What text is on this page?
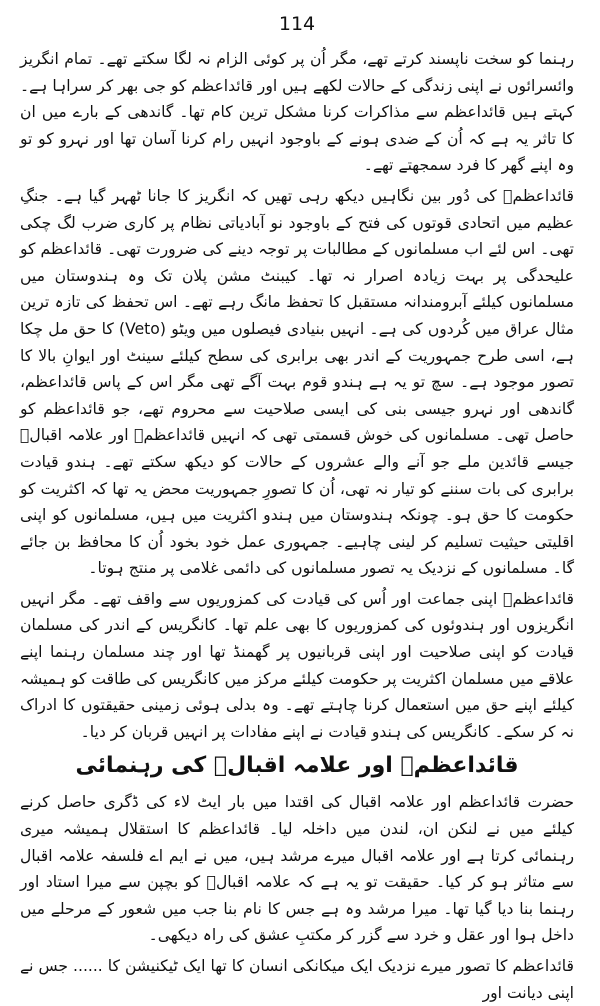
114

رہنما کو سخت ناپسند کرتے تھے، مگر اُن پر کوئی الزام نہ لگا سکتے تھے۔ تمام انگریز وائسرائوں نے اپنی زندگی کے حالات لکھے ہیں اور قائداعظم کو جی بھر کر سراہا ہے۔ کہتے ہیں قائداعظم سے مذاکرات کرنا مشکل ترین کام تھا۔ گاندھی کے بارے میں ان کا تاثر یہ ہے کہ اُن کے ضدی ہونے کے باوجود انہیں رام کرنا آسان تھا اور نہرو کو تو وہ اپنے گھر کا فرد سمجھتے تھے۔

قائداعظمؒ کی دُور بین نگاہیں دیکھ رہی تھیں کہ انگریز کا جانا ٹھہر گیا ہے۔ جنگِ عظیم میں اتحادی قوتوں کی فتح کے باوجود نو آبادیاتی نظام پر کاری ضرب لگ چکی تھی۔ اس لئے اب مسلمانوں کے مطالبات پر توجہ دینے کی ضرورت تھی۔ قائداعظم کو علیحدگی پر بہت زیادہ اصرار نہ تھا۔ کیبنٹ مشن پلان تک وہ ہندوستان میں مسلمانوں کیلئے آبرومندانہ مستقبل کا تحفظ مانگ رہے تھے۔ اس تحفظ کی تازہ ترین مثال عراق میں کُردوں کی ہے۔ انہیں بنیادی فیصلوں میں ویٹو (Veto) کا حق مل چکا ہے، اسی طرح جمہوریت کے اندر بھی برابری کی سطح کیلئے سینٹ اور ایوانِ بالا کا تصور موجود ہے۔ سچ تو یہ ہے ہندو قوم بہت آگے تھی مگر اس کے پاس قائداعظم، گاندھی اور نہرو جیسی بنی کی ایسی صلاحیت سے محروم تھے، جو قائداعظم کو حاصل تھی۔ مسلمانوں کی خوش قسمتی تھی کہ انہیں قائداعظمؒ اور علامہ اقبالؒ جیسے قائدین ملے جو آنے والے عشروں کے حالات کو دیکھ سکتے تھے۔ ہندو قیادت برابری کی بات سننے کو تیار نہ تھی، اُن کا تصورِ جمہوریت محض یہ تھا کہ اکثریت کو حکومت کا حق ہو۔ چونکہ ہندوستان میں ہندو اکثریت میں ہیں، مسلمانوں کو اپنی اقلیتی حیثیت تسلیم کر لینی چاہیے۔ جمہوری عمل خود بخود اُن کا محافظ بن جائے گا۔ مسلمانوں کے نزدیک یہ تصور مسلمانوں کی دائمی غلامی پر منتج ہوتا۔

قائداعظمؒ اپنی جماعت اور اُس کی قیادت کی کمزوریوں سے واقف تھے۔ مگر انہیں انگریزوں اور ہندوئوں کی کمزوریوں کا بھی علم تھا۔ کانگریس کے اندر کی مسلمان قیادت کو اپنی صلاحیت اور اپنی قربانیوں پر گھمنڈ تھا اور چند مسلمان رہنما اپنے علاقے میں مسلمان اکثریت پر حکومت کیلئے مرکز میں کانگریس کی طاقت کو ہمیشہ کیلئے اپنے حق میں استعمال کرنا چاہتے تھے۔ وہ بدلی ہوئی زمینی حقیقتوں کا ادراک نہ کر سکے۔ کانگریس کی ہندو قیادت نے اپنے مفادات پر انہیں قربان کر دیا۔

قائداعظمؒ اور علامہ اقبالؒ کی رہنمائی

حضرت قائداعظم اور علامہ اقبال کی اقتدا میں بار ایٹ لاء کی ڈگری حاصل کرنے کیلئے میں نے لنکن ان، لندن میں داخلہ لیا۔ قائداعظم کا استقلال ہمیشہ میری رہنمائی کرتا ہے اور علامہ اقبال میرے مرشد ہیں، میں نے ایم اے فلسفہ علامہ اقبال سے متاثر ہو کر کیا۔ حقیقت تو یہ ہے کہ علامہ اقبالؒ کو بچپن سے میرا استاد اور رہنما بنا دیا گیا تھا۔ میرا مرشد وہ ہے جس کا نام بنا جب میں شعور کے مرحلے میں داخل ہوا اور عقل و خرد سے گزر کر مکتبِ عشق کی راہ دیکھی۔

قائداعظم کا تصور میرے نزدیک ایک میکانکی انسان کا تھا ایک ٹیکنیشن کا ...... جس نے اپنی دیانت اور
